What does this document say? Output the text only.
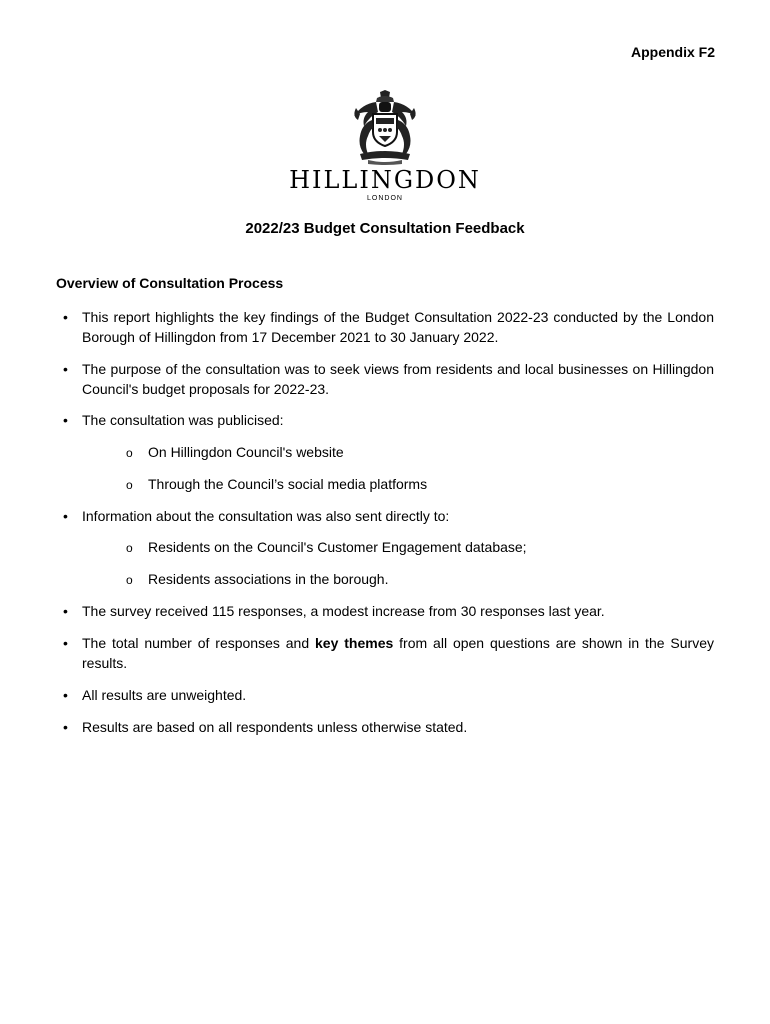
Appendix F2
HILLINGDON
LONDON
2022/23 Budget Consultation Feedback
Overview of Consultation Process
• This report highlights the key findings of the Budget Consultation 2022-23 conducted by the London Borough of Hillingdon from 17 December 2021 to 30 January 2022.
• The purpose of the consultation was to seek views from residents and local businesses on Hillingdon Council's budget proposals for 2022-23.
• The consultation was publicised:
o On Hillingdon Council's website
o Through the Council’s social media platforms
• Information about the consultation was also sent directly to:
o Residents on the Council's Customer Engagement database;
o Residents associations in the borough.
• The survey received 115 responses, a modest increase from 30 responses last year.
• The total number of responses and key themes from all open questions are shown in the Survey results.
• All results are unweighted.
• Results are based on all respondents unless otherwise stated.
